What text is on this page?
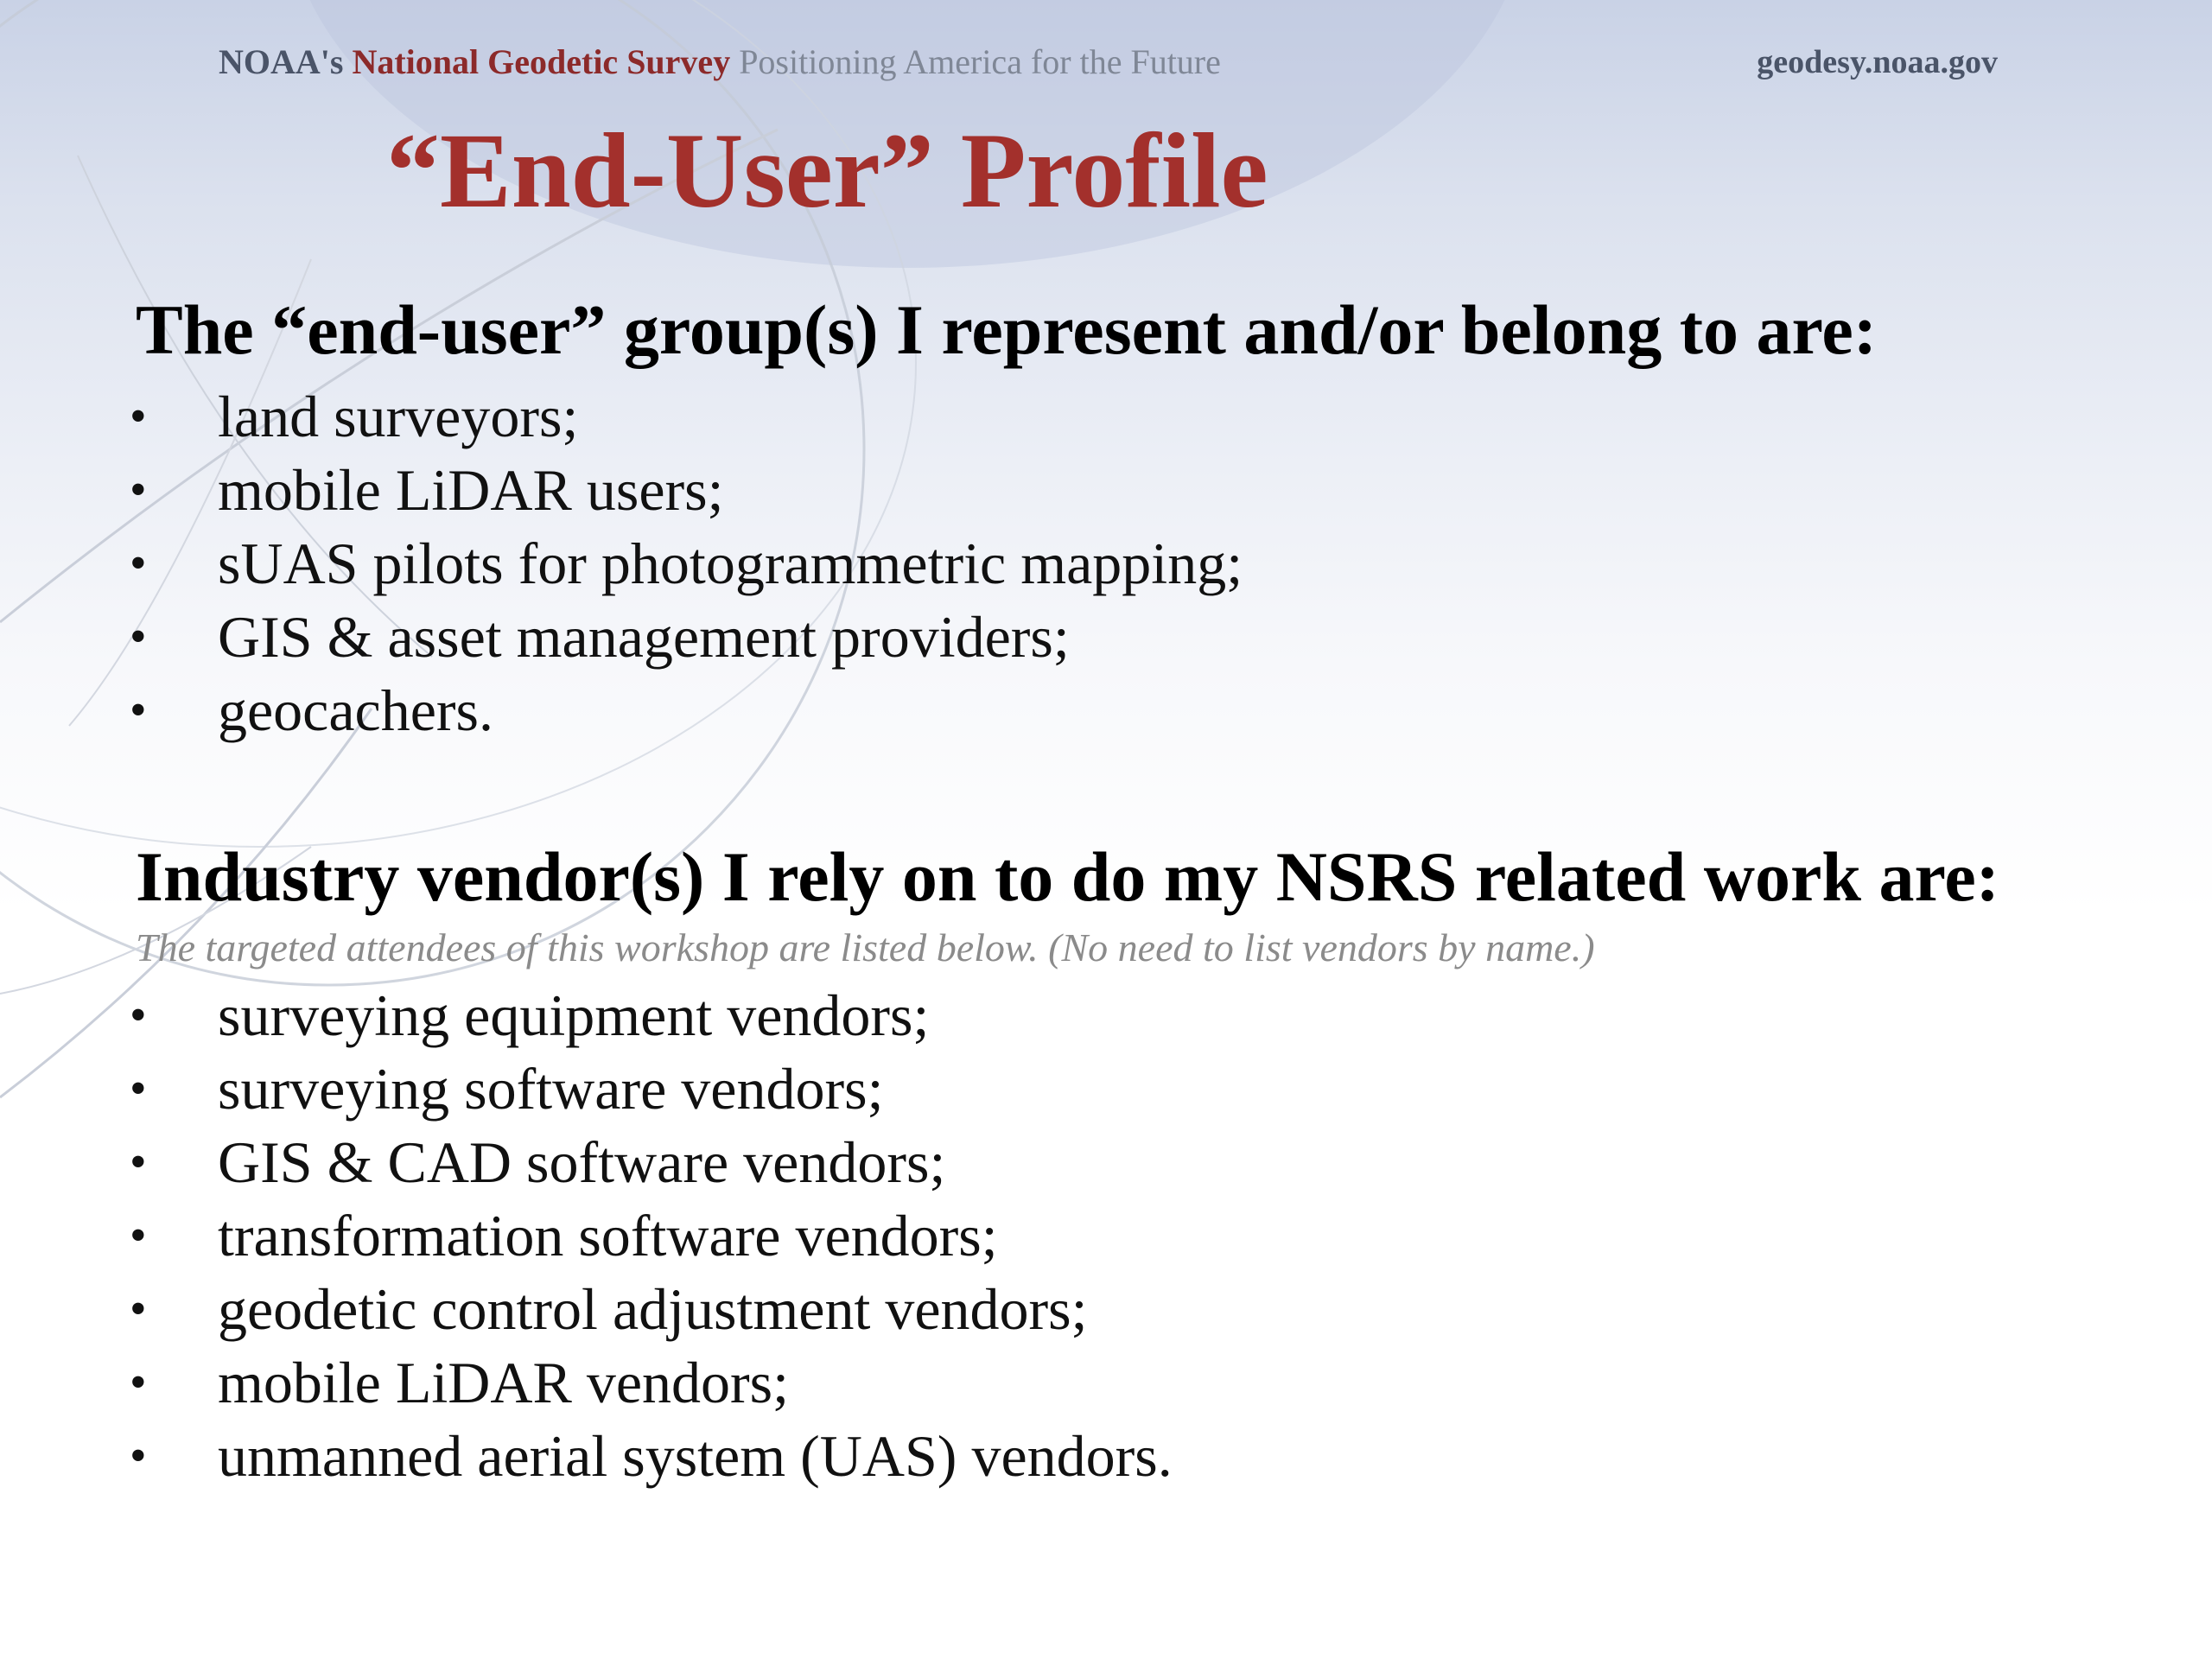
NOAA's National Geodetic Survey Positioning America for the Future	geodesy.noaa.gov
“End-User” Profile
The “end-user” group(s) I represent and/or belong to are:
• land surveyors;
• mobile LiDAR users;
• sUAS pilots for photogrammetric mapping;
• GIS & asset management providers;
• geocachers.
Industry vendor(s) I rely on to do my NSRS related work are:

The targeted attendees of this workshop are listed below. (No need to list vendors by name.)

• surveying equipment vendors;
• surveying software vendors;
• GIS & CAD software vendors;
• transformation software vendors;
• geodetic control adjustment vendors;
• mobile LiDAR vendors;
• unmanned aerial system (UAS) vendors.
